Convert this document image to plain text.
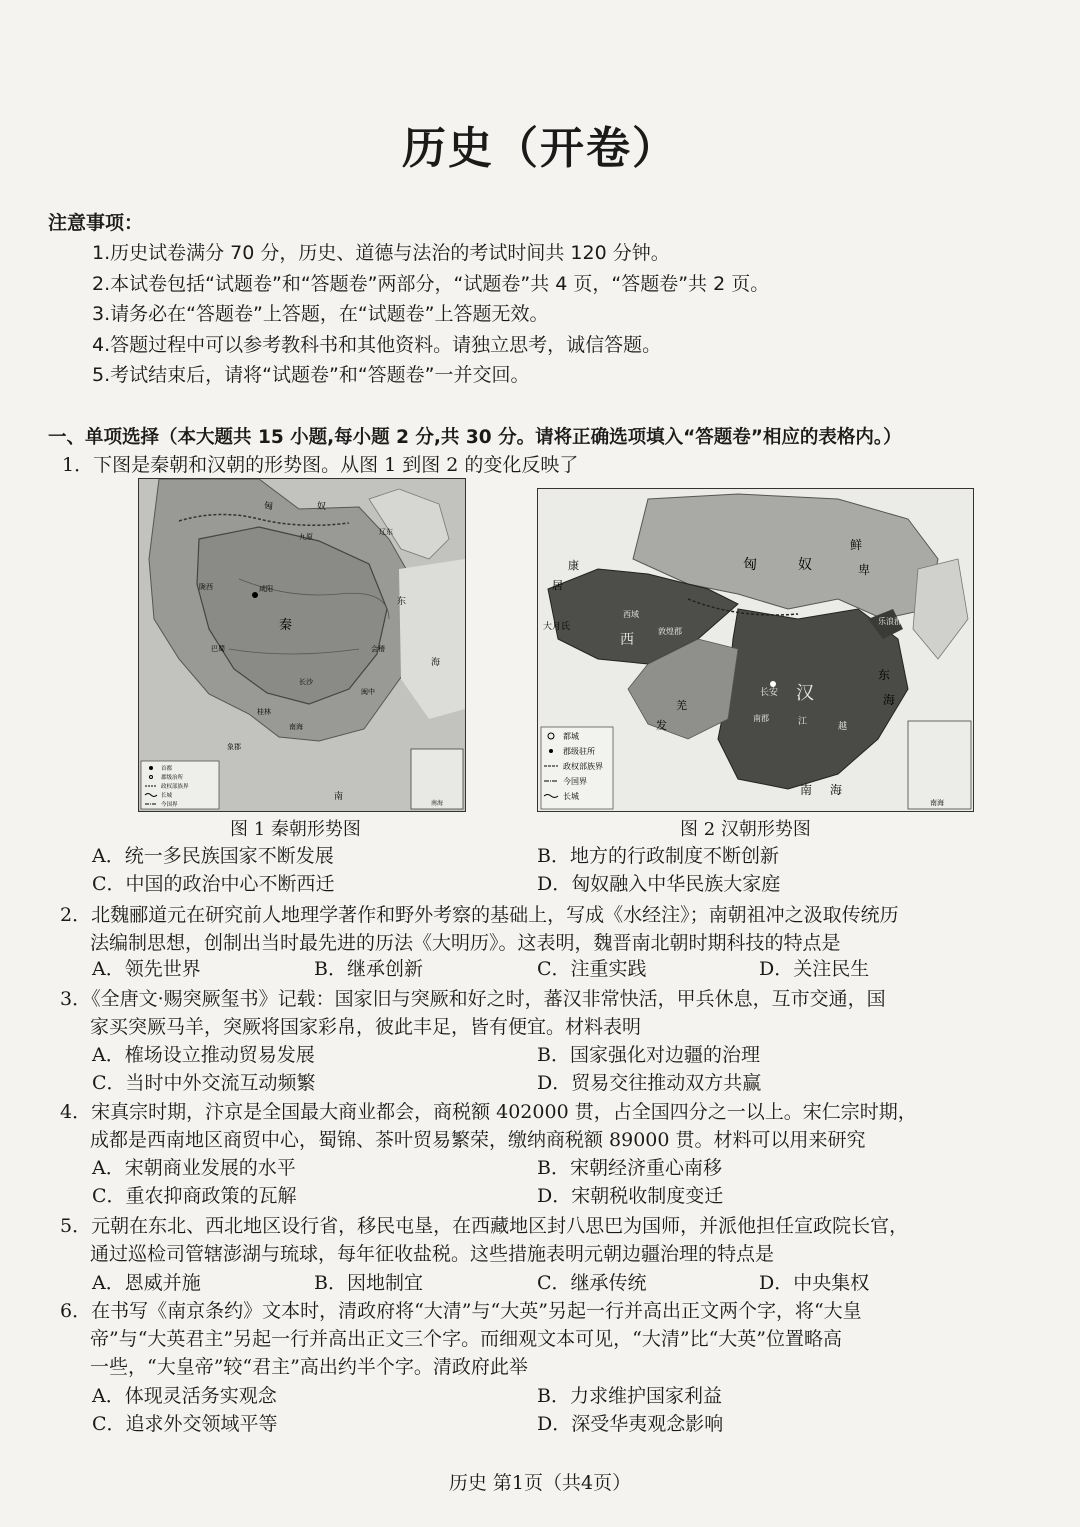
历史（开卷）
注意事项：
1.历史试卷满分 70 分，历史、道德与法治的考试时间共 120 分钟。
2.本试卷包括“试题卷”和“答题卷”两部分，“试题卷”共 4 页，“答题卷”共 2 页。
3.请务必在“答题卷”上答题，在“试题卷”上答题无效。
4.答题过程中可以参考教科书和其他资料。请独立思考，诚信答题。
5.考试结束后，请将“试题卷”和“答题卷”一并交回。
一、单项选择（本大题共 15 小题,每小题 2 分,共 30 分。请将正确选项填入“答题卷”相应的表格内。）
1．下图是秦朝和汉朝的形势图。从图 1 到图 2 的变化反映了
匈	奴
秦
东
南
海
咸阳
九原
陇西
巴蜀
长沙
南海
桂林
象郡
会稽
闽中
辽东
首都
郡级治所
政权部族界
长城
今国界	南海
匈	奴
鲜
卑
康
居
大月氏
西
西域
敦煌郡
汉
长安
羌
发
东
海
南 海
乐浪郡
南郡	江	越
都城
郡级驻所
政权部族界
今国界
长城
南海
图 1 秦朝形势图	图 2 汉朝形势图
A．统一多民族国家不断发展	B．地方的行政制度不断创新
C．中国的政治中心不断西迁	D．匈奴融入中华民族大家庭
2．北魏郦道元在研究前人地理学著作和野外考察的基础上，写成《水经注》；南朝祖冲之汲取传统历
法编制思想，创制出当时最先进的历法《大明历》。这表明，魏晋南北朝时期科技的特点是
A．领先世界	B．继承创新	C．注重实践	D．关注民生
3．《全唐文·赐突厥玺书》记载：国家旧与突厥和好之时，蕃汉非常快活，甲兵休息，互市交通，国
家买突厥马羊，突厥将国家彩帛，彼此丰足，皆有便宜。材料表明
A．榷场设立推动贸易发展	B．国家强化对边疆的治理
C．当时中外交流互动频繁	D．贸易交往推动双方共赢
4．宋真宗时期，汴京是全国最大商业都会，商税额 402000 贯，占全国四分之一以上。宋仁宗时期，
成都是西南地区商贸中心，蜀锦、茶叶贸易繁荣，缴纳商税额 89000 贯。材料可以用来研究
A．宋朝商业发展的水平	B．宋朝经济重心南移
C．重农抑商政策的瓦解	D．宋朝税收制度变迁
5．元朝在东北、西北地区设行省，移民屯垦，在西藏地区封八思巴为国师，并派他担任宣政院长官，
通过巡检司管辖澎湖与琉球，每年征收盐税。这些措施表明元朝边疆治理的特点是
A．恩威并施	B．因地制宜	C．继承传统	D．中央集权
6．在书写《南京条约》文本时，清政府将“大清”与“大英”另起一行并高出正文两个字，将“大皇
帝”与“大英君主”另起一行并高出正文三个字。而细观文本可见，“大清”比“大英”位置略高
一些，“大皇帝”较“君主”高出约半个字。清政府此举
A．体现灵活务实观念	B．力求维护国家利益
C．追求外交领域平等	D．深受华夷观念影响
历史 第1页（共4页）
